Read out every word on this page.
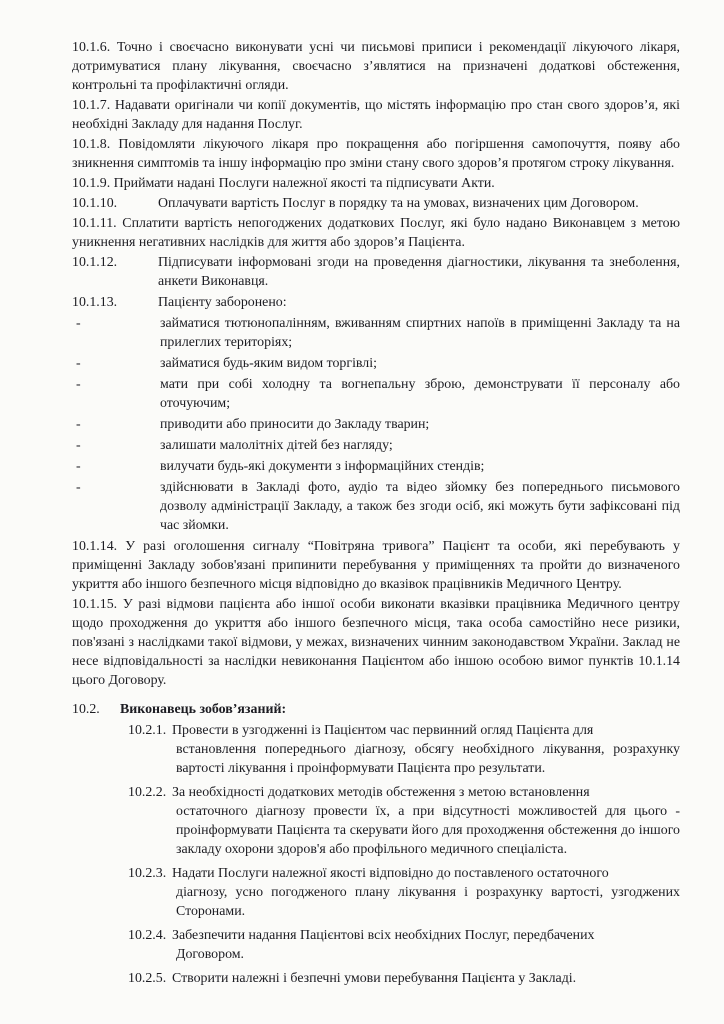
10.1.6. Точно і своєчасно виконувати усні чи письмові приписи і рекомендації лікуючого лікаря, дотримуватися плану лікування, своєчасно з’являтися на призначені додаткові обстеження, контрольні та профілактичні огляди.

10.1.7. Надавати оригінали чи копії документів, що містять інформацію про стан свого здоров’я, які необхідні Закладу для надання Послуг.

10.1.8. Повідомляти лікуючого лікаря про покращення або погіршення самопочуття, появу або зникнення симптомів та іншу інформацію про зміни стану свого здоров’я протягом строку лікування.

10.1.9. Приймати надані Послуги належної якості та підписувати Акти.

10.1.10.	Оплачувати вартість Послуг в порядку та на умовах, визначених цим Договором.

10.1.11. Сплатити вартість непогоджених додаткових Послуг, які було надано Виконавцем з метою уникнення негативних наслідків для життя або здоров’я Пацієнта.

10.1.12.	Підписувати інформовані згоди на проведення діагностики, лікування та знеболення, анкети Виконавця.
10.1.13.	Пацієнту заборонено:
-	займатися тютюнопалінням, вживанням спиртних напоїв в приміщенні Закладу та на прилеглих територіях;
-	займатися будь-яким видом торгівлі;
-	мати при собі холодну та вогнепальну зброю, демонструвати її персоналу або оточуючим;
-	приводити або приносити до Закладу тварин;
-	залишати малолітніх дітей без нагляду;
-	вилучати будь-які документи з інформаційних стендів;
-	здійснювати в Закладі фото, аудіо та відео зйомку без попереднього письмового дозволу адміністрації Закладу, а також без згоди осіб, які можуть бути зафіксовані під час зйомки.

10.1.14. У разі оголошення сигналу “Повітряна тривога” Пацієнт та особи, які перебувають у приміщенні Закладу зобов'язані припинити перебування у приміщеннях та пройти до визначеного укриття або іншого безпечного місця відповідно до вказівок працівників Медичного Центру.

10.1.15. У разі відмови пацієнта або іншої особи виконати вказівки працівника Медичного центру щодо проходження до укриття або іншого безпечного місця, така особа самостійно несе ризики, пов'язані з наслідками такої відмови, у межах, визначених чинним законодавством України. Заклад не несе відповідальності за наслідки невиконання Пацієнтом або іншою особою вимог пунктів 10.1.14 цього Договору.

10.2.	Виконавець зобов’язаний:
10.2.1. Провести в узгодженні із Пацієнтом час первинний огляд Пацієнта для
встановлення попереднього діагнозу, обсягу необхідного лікування, розрахунку вартості лікування і проінформувати Пацієнта про результати.
10.2.2. За необхідності додаткових методів обстеження з метою встановлення
остаточного діагнозу провести їх, а при відсутності можливостей для цього - проінформувати Пацієнта та скерувати його для проходження обстеження до іншого закладу охорони здоров'я або профільного медичного спеціаліста.
10.2.3. Надати Послуги належної якості відповідно до поставленого остаточного
діагнозу, усно погодженого плану лікування і розрахунку вартості, узгоджених Сторонами.
10.2.4. Забезпечити надання Пацієнтові всіх необхідних Послуг, передбачених
Договором.
10.2.5. Створити належні і безпечні умови перебування Пацієнта у Закладі.
